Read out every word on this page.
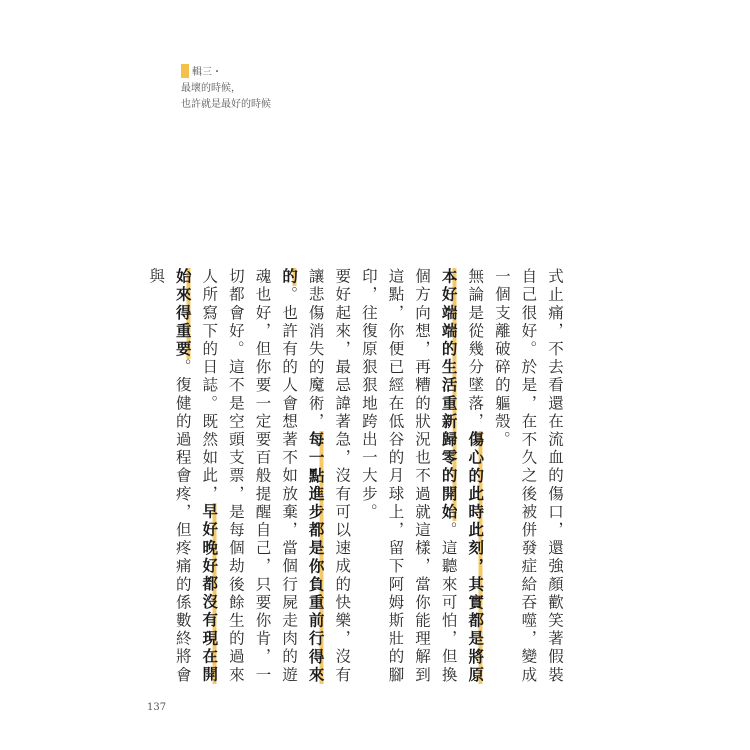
輯三・
最壞的時候，
也許就是最好的時候

式止痛，不去看還在流血的傷口，還強顏歡笑著假裝自己很好。於是，在不久之後被併發症給吞噬，變成一個支離破碎的軀殼。

無論是從幾分墜落，傷心的此時此刻，其實都是將原本好端端的生活重新歸零的開始。這聽來可怕，但換個方向想，再糟的狀況也不過就這樣，當你能理解到這點，你便已經在低谷的月球上，留下阿姆斯壯的腳印，往復原狠狠地跨出一大步。

要好起來，最忌諱著急，沒有可以速成的快樂，沒有讓悲傷消失的魔術，每一點進步都是你負重前行得來的。也許有的人會想著不如放棄，當個行屍走肉的遊魂也好，但你要一定要百般提醒自己，只要你肯，一切都會好。這不是空頭支票，是每個劫後餘生的過來人所寫下的日誌。既然如此，早好晚好都沒有現在開始來得重要。復健的過程會疼，但疼痛的係數終將會與

137
